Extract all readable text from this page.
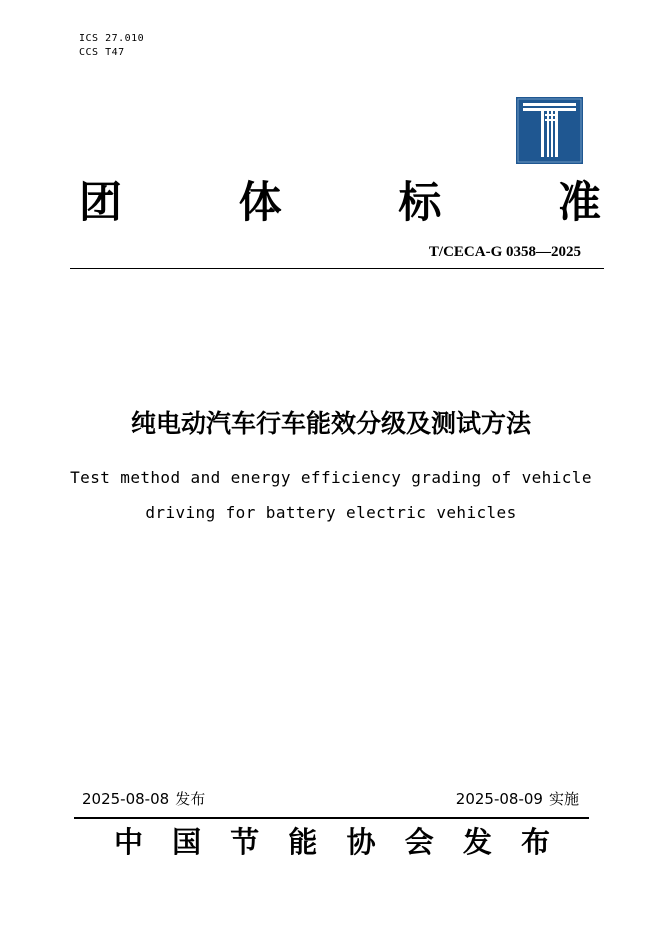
ICS 27.010
CCS T47
团	体	标	准
T/CECA-G 0358—2025
纯电动汽车行车能效分级及测试方法
Test method and energy efficiency grading of vehicle
driving for battery electric vehicles
2025-08-08 发布	2025-08-09 实施
中 国 节 能 协 会 发 布
